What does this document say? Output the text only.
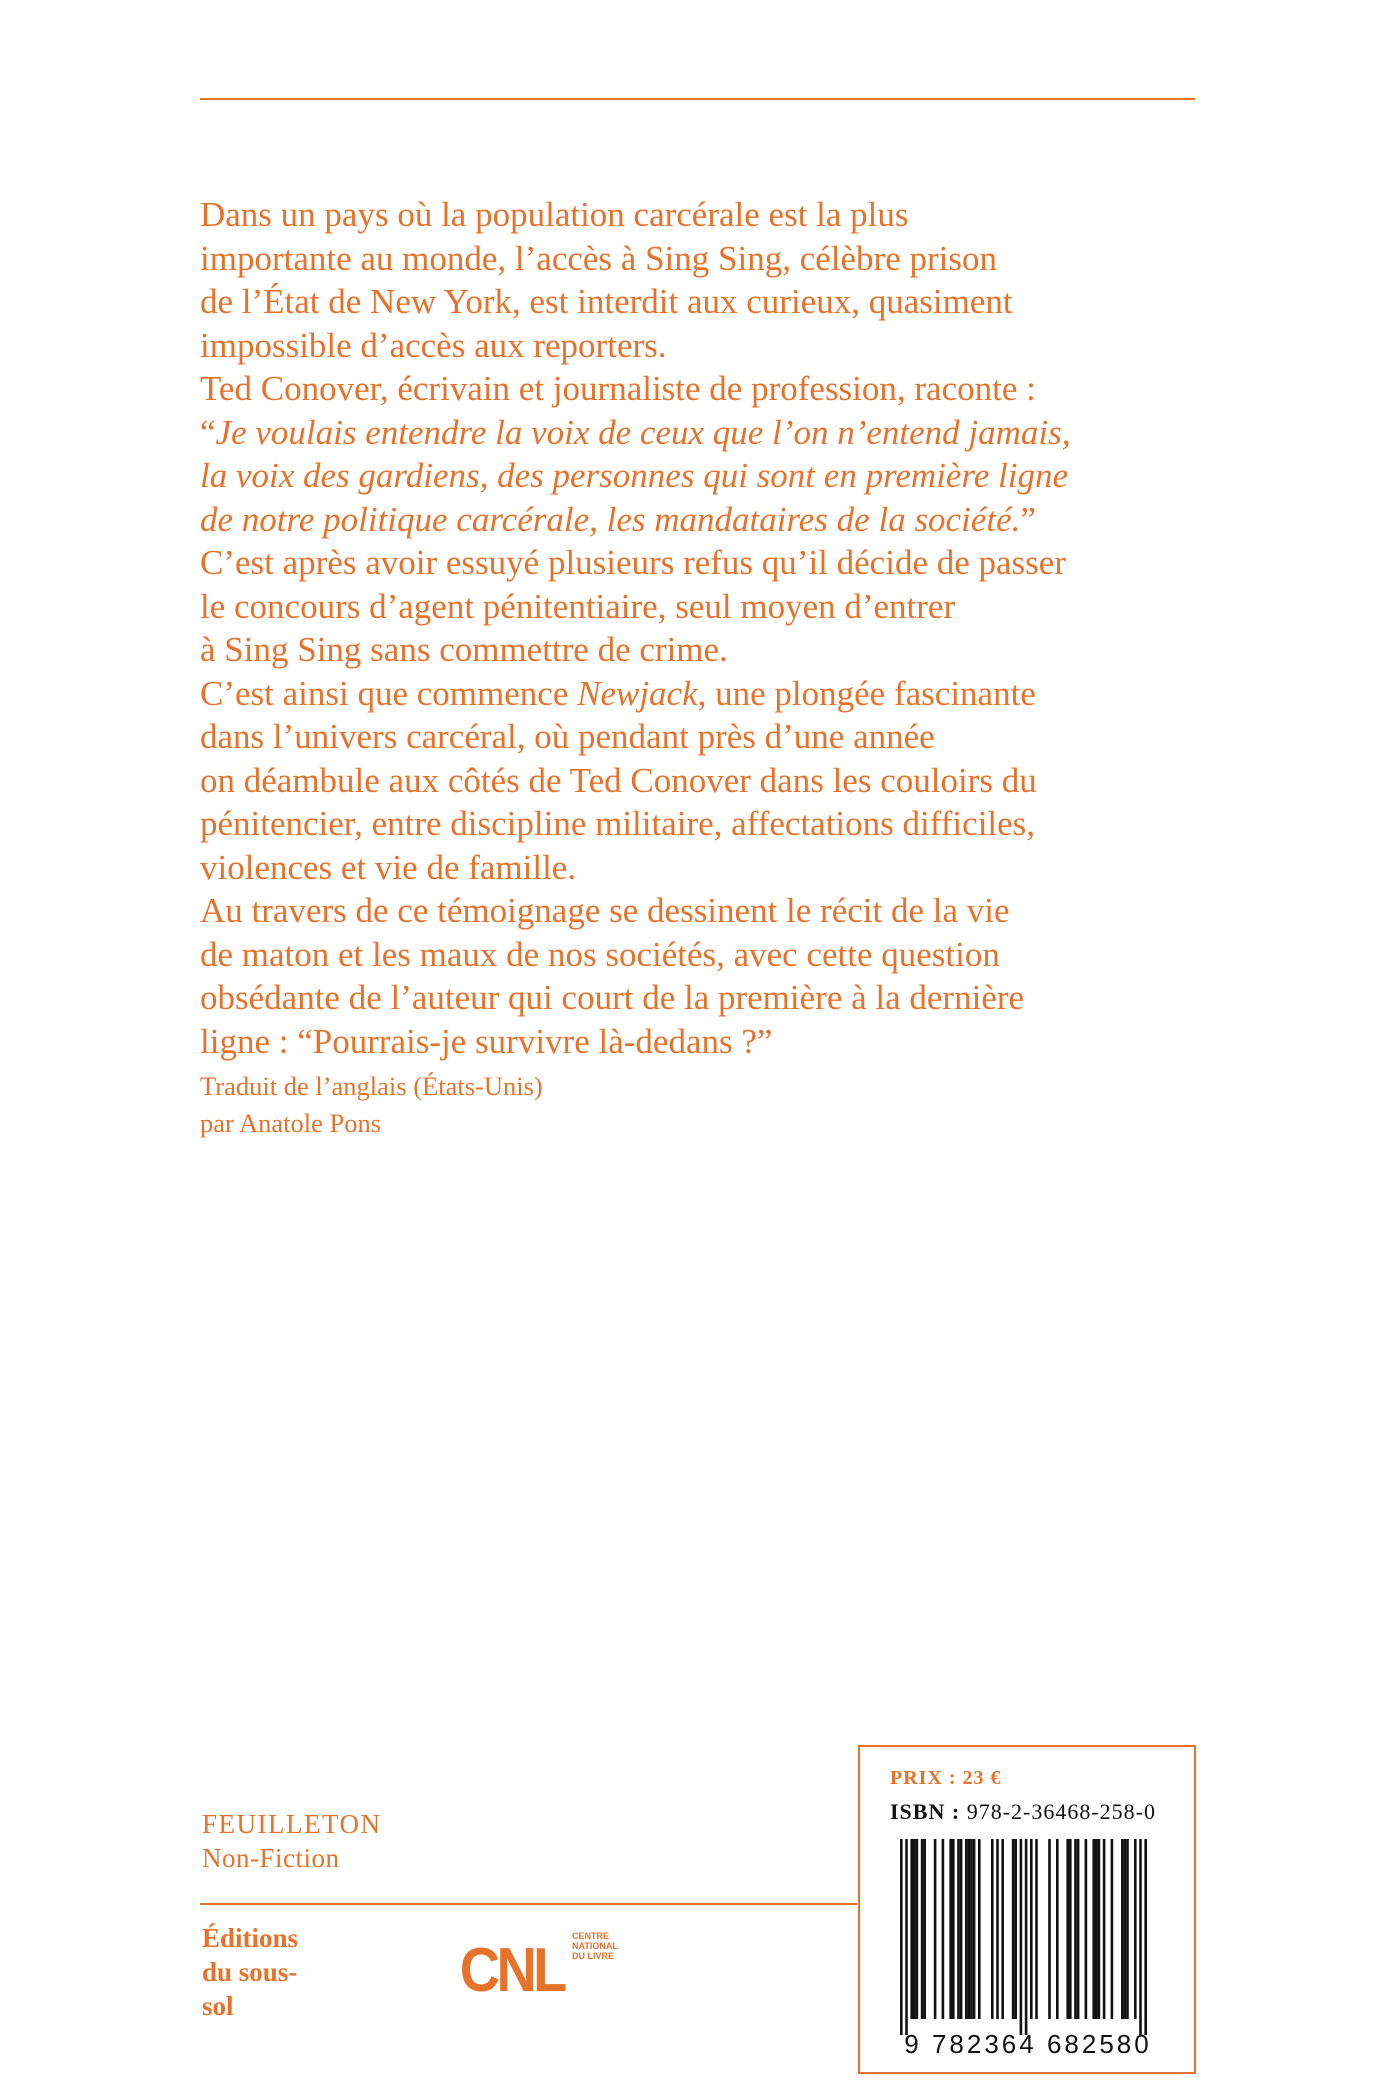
Dans un pays où la population carcérale est la plus
importante au monde, l’accès à Sing Sing, célèbre prison
de l’État de New York, est interdit aux curieux, quasiment
impossible d’accès aux reporters.
Ted Conover, écrivain et journaliste de profession, raconte :
“Je voulais entendre la voix de ceux que l’on n’entend jamais,
la voix des gardiens, des personnes qui sont en première ligne
de notre politique carcérale, les mandataires de la société.”
C’est après avoir essuyé plusieurs refus qu’il décide de passer
le concours d’agent pénitentiaire, seul moyen d’entrer
à Sing Sing sans commettre de crime.
C’est ainsi que commence Newjack, une plongée fascinante
dans l’univers carcéral, où pendant près d’une année
on déambule aux côtés de Ted Conover dans les couloirs du
pénitencier, entre discipline militaire, affectations difficiles,
violences et vie de famille.
Au travers de ce témoignage se dessinent le récit de la vie
de maton et les maux de nos sociétés, avec cette question
obsédante de l’auteur qui court de la première à la dernière
ligne : “Pourrais-je survivre là-dedans ?”
Traduit de l’anglais (États-Unis)
par Anatole Pons
FEUILLETON
Non-Fiction
Éditions
du sous-
sol
CNL
CENTRE
NATIONAL
DU LIVRE
PRIX : 23 €
ISBN : 978-2-36468-258-0
9 782364 682580
